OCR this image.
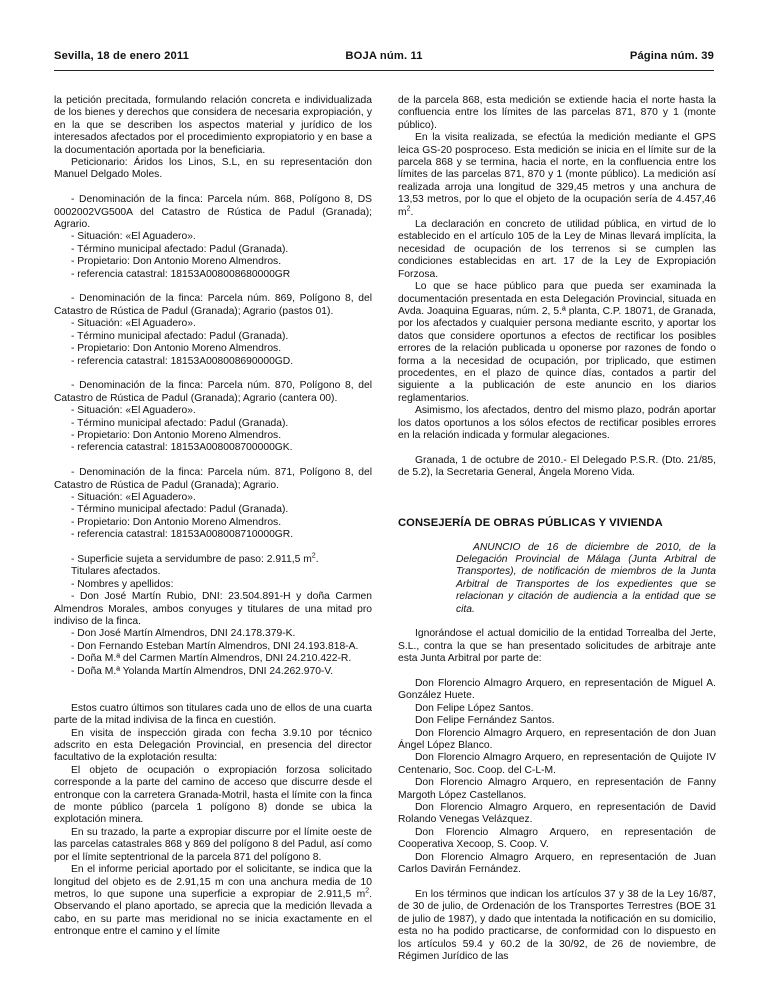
Sevilla, 18 de enero 2011	BOJA núm. 11	Página núm. 39

la petición precitada, formulando relación concreta e individualizada de los bienes y derechos que considera de necesaria expropiación, y en la que se describen los aspectos material y jurídico de los interesados afectados por el procedimiento expropiatorio y en base a la documentación aportada por la beneficiaria.

Peticionario: Áridos los Linos, S.L, en su representación don Manuel Delgado Moles.

- Denominación de la finca: Parcela núm. 868, Polígono 8, DS 0002002VG500A del Catastro de Rústica de Padul (Granada); Agrario.

- Situación: «El Aguadero».

- Término municipal afectado: Padul (Granada).

- Propietario: Don Antonio Moreno Almendros.

- referencia catastral: 18153A008008680000GR

- Denominación de la finca: Parcela núm. 869, Polígono 8, del Catastro de Rústica de Padul (Granada); Agrario (pastos 01).

- Situación: «El Aguadero».

- Término municipal afectado: Padul (Granada).

- Propietario: Don Antonio Moreno Almendros.

- referencia catastral: 18153A008008690000GD.

- Denominación de la finca: Parcela núm. 870, Polígono 8, del Catastro de Rústica de Padul (Granada); Agrario (cantera 00).

- Situación: «El Aguadero».

- Término municipal afectado: Padul (Granada).

- Propietario: Don Antonio Moreno Almendros.

- referencia catastral: 18153A008008700000GK.

- Denominación de la finca: Parcela núm. 871, Polígono 8, del Catastro de Rústica de Padul (Granada); Agrario.

- Situación: «El Aguadero».

- Término municipal afectado: Padul (Granada).

- Propietario: Don Antonio Moreno Almendros.

- referencia catastral: 18153A008008710000GR.

- Superficie sujeta a servidumbre de paso: 2.911,5 $m^2$.

Titulares afectados.

- Nombres y apellidos:

- Don José Martín Rubio, DNI: 23.504.891-H y doña Carmen Almendros Morales, ambos conyuges y titulares de una mitad pro indiviso de la finca.

- Don José Martín Almendros, DNI 24.178.379-K.

- Don Fernando Esteban Martín Almendros, DNI 24.193.818-A.

- Doña M.ª del Carmen Martín Almendros, DNI 24.210.422-R.

- Doña M.ª Yolanda Martín Almendros, DNI 24.262.970-V.

Estos cuatro últimos son titulares cada uno de ellos de una cuarta parte de la mitad indivisa de la finca en cuestión.

En visita de inspección girada con fecha 3.9.10 por técnico adscrito en esta Delegación Provincial, en presencia del director facultativo de la explotación resulta:

El objeto de ocupación o expropiación forzosa solicitado corresponde a la parte del camino de acceso que discurre desde el entronque con la carretera Granada-Motril, hasta el límite con la finca de monte público (parcela 1 polígono 8) donde se ubica la explotación minera.

En su trazado, la parte a expropiar discurre por el límite oeste de las parcelas catastrales 868 y 869 del polígono 8 del Padul, así como por el límite septentrional de la parcela 871 del polígono 8.

En el informe pericial aportado por el solicitante, se indica que la longitud del objeto es de 2.91,15 m con una anchura media de 10 metros, lo que supone una superficie a expropiar de 2.911,5 $m^2$. Observando el plano aportado, se aprecia que la medición llevada a cabo, en su parte mas meridional no se inicia exactamente en el entronque entre el camino y el límite

de la parcela 868, esta medición se extiende hacia el norte hasta la confluencia entre los límites de las parcelas 871, 870 y 1 (monte público).

En la visita realizada, se efectúa la medición mediante el GPS leica GS-20 posproceso. Esta medición se inicia en el límite sur de la parcela 868 y se termina, hacia el norte, en la confluencia entre los límites de las parcelas 871, 870 y 1 (monte público). La medición así realizada arroja una longitud de 329,45 metros y una anchura de 13,53 metros, por lo que el objeto de la ocupación sería de 4.457,46 $m^2$.

La declaración en concreto de utilidad pública, en virtud de lo establecido en el artículo 105 de la Ley de Minas llevará implícita, la necesidad de ocupación de los terrenos si se cumplen las condiciones establecidas en art. 17 de la Ley de Expropiación Forzosa.

Lo que se hace público para que pueda ser examinada la documentación presentada en esta Delegación Provincial, situada en Avda. Joaquina Eguaras, núm. 2, 5.ª planta, C.P. 18071, de Granada, por los afectados y cualquier persona mediante escrito, y aportar los datos que considere oportunos a efectos de rectificar los posibles errores de la relación publicada u oponerse por razones de fondo o forma a la necesidad de ocupación, por triplicado, que estimen procedentes, en el plazo de quince días, contados a partir del siguiente a la publicación de este anuncio en los diarios reglamentarios.

Asimismo, los afectados, dentro del mismo plazo, podrán aportar los datos oportunos a los sólos efectos de rectificar posibles errores en la relación indicada y formular alegaciones.

Granada, 1 de octubre de 2010.- El Delegado P.S.R. (Dto. 21/85, de 5.2), la Secretaria General, Ángela Moreno Vida.

CONSEJERÍA DE OBRAS PÚBLICAS Y VIVIENDA

ANUNCIO de 16 de diciembre de 2010, de la Delegación Provincial de Málaga (Junta Arbitral de Transportes), de notificación de miembros de la Junta Arbitral de Transportes de los expedientes que se relacionan y citación de audiencia a la entidad que se cita.

Ignorándose el actual domicilio de la entidad Torrealba del Jerte, S.L., contra la que se han presentado solicitudes de arbitraje ante esta Junta Arbitral por parte de:

Don Florencio Almagro Arquero, en representación de Miguel A. González Huete.

Don Felipe López Santos.

Don Felipe Fernández Santos.

Don Florencio Almagro Arquero, en representación de don Juan Ángel López Blanco.

Don Florencio Almagro Arquero, en representación de Quijote IV Centenario, Soc. Coop. del C-L-M.

Don Florencio Almagro Arquero, en representación de Fanny Margoth López Castellanos.

Don Florencio Almagro Arquero, en representación de David Rolando Venegas Velázquez.

Don Florencio Almagro Arquero, en representación de Cooperativa Xecoop, S. Coop. V.

Don Florencio Almagro Arquero, en representación de Juan Carlos Davirán Fernández.

En los términos que indican los artículos 37 y 38 de la Ley 16/87, de 30 de julio, de Ordenación de los Transportes Terrestres (BOE 31 de julio de 1987), y dado que intentada la notificación en su domicilio, esta no ha podido practicarse, de conformidad con lo dispuesto en los artículos 59.4 y 60.2 de la 30/92, de 26 de noviembre, de Régimen Jurídico de las
